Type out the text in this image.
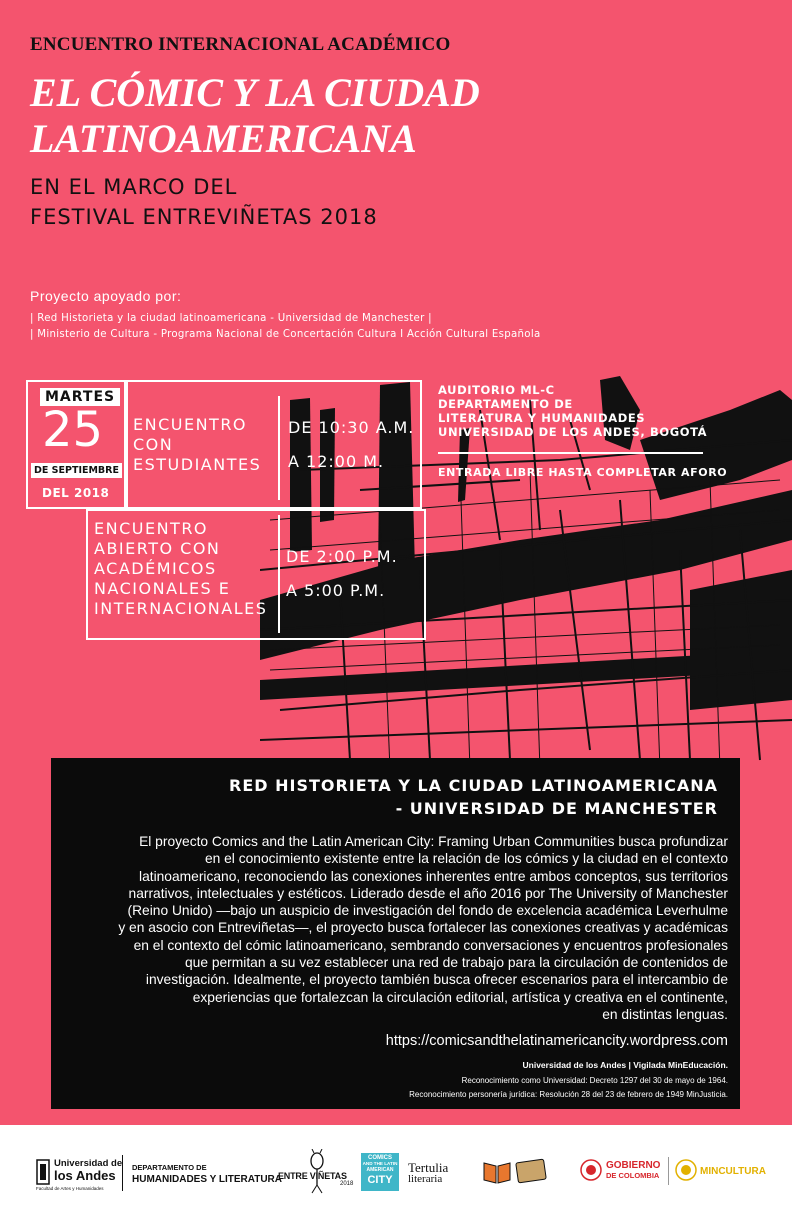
ENCUENTRO INTERNACIONAL ACADÉMICO
EL CÓMIC Y LA CIUDAD
LATINOAMERICANA
EN EL MARCO DEL
FESTIVAL ENTREVIÑETAS 2018
Proyecto apoyado por:
| Red Historieta y la ciudad latinoamericana - Universidad de Manchester |
| Ministerio de Cultura - Programa Nacional de Concertación Cultura I Acción Cultural Española
MARTES
25
DE SEPTIEMBRE
DEL 2018
ENCUENTRO
CON
ESTUDIANTES
DE 10:30 A.M.
A 12:00 M.
ENCUENTRO
ABIERTO CON
ACADÉMICOS
NACIONALES E
INTERNACIONALES
DE 2:00 P.M.
A 5:00 P.M.
AUDITORIO ML-C
DEPARTAMENTO DE
LITERATURA Y HUMANIDADES
UNIVERSIDAD DE LOS ANDES, BOGOTÁ
ENTRADA LIBRE HASTA COMPLETAR AFORO
RED HISTORIETA Y LA CIUDAD LATINOAMERICANA
- UNIVERSIDAD DE MANCHESTER
El proyecto Comics and the Latin American City: Framing Urban Communities busca profundizar
en el conocimiento existente entre la relación de los cómics y la ciudad en el contexto
latinoamericano, reconociendo las conexiones inherentes entre ambos conceptos, sus territorios
narrativos, intelectuales y estéticos. Liderado desde el año 2016 por The University of Manchester
(Reino Unido) —bajo un auspicio de investigación del fondo de excelencia académica Leverhulme
y en asocio con Entreviñetas—, el proyecto busca fortalecer las conexiones creativas y académicas
en el contexto del cómic latinoamericano, sembrando conversaciones y encuentros profesionales
que permitan a su vez establecer una red de trabajo para la circulación de contenidos de
investigación. Idealmente, el proyecto también busca ofrecer escenarios para el intercambio de
experiencias que fortalezcan la circulación editorial, artística y creativa en el continente,
en distintas lenguas.
https://comicsandthelatinamericancity.wordpress.com
Universidad de los Andes | Vigilada MinEducación.
Reconocimiento como Universidad: Decreto 1297 del 30 de mayo de 1964.
Reconocimiento personería jurídica: Resolución 28 del 23 de febrero de 1949 MinJusticia.
Universidad de
los Andes
Facultad de Artes y Humanidades
DEPARTAMENTO DE
HUMANIDADES Y LITERATURA
ENTRE VIÑETAS
2018
COMICS
AND THE LATIN
AMERICAN
CITY
Tertulia
literaria
GOBIERNO
DE COLOMBIA	MINCULTURA
